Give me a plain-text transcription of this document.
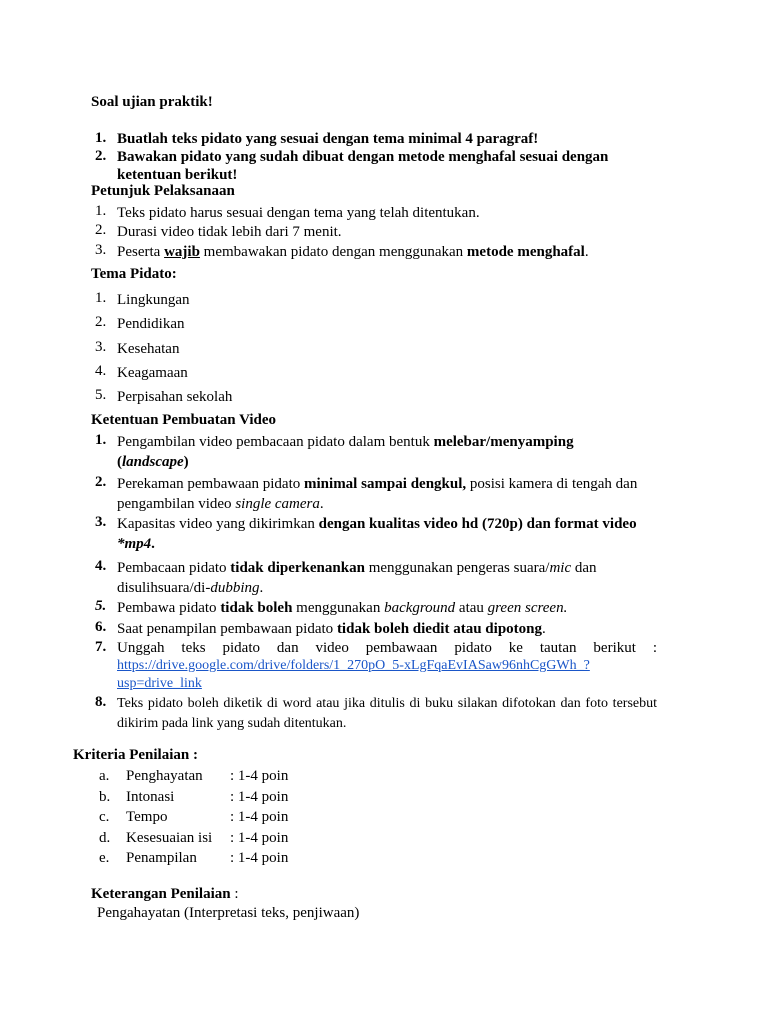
Soal ujian praktik!
1. Buatlah teks pidato yang sesuai dengan tema minimal 4 paragraf!
2. Bawakan pidato yang sudah dibuat dengan metode menghafal sesuai dengan ketentuan berikut!
Petunjuk Pelaksanaan
1. Teks pidato harus sesuai dengan tema yang telah ditentukan.
2. Durasi video tidak lebih dari 7 menit.
3. Peserta wajib membawakan pidato dengan menggunakan metode menghafal.
Tema Pidato:
1. Lingkungan
2. Pendidikan
3. Kesehatan
4. Keagamaan
5. Perpisahan sekolah
Ketentuan Pembuatan Video
1. Pengambilan video pembacaan pidato dalam bentuk melebar/menyamping
(landscape)
2. Perekaman pembawaan pidato minimal sampai dengkul, posisi kamera di tengah dan pengambilan video single camera.
3. Kapasitas video yang dikirimkan dengan kualitas video hd (720p) dan format video
*mp4.
4. Pembacaan pidato tidak diperkenankan menggunakan pengeras suara/mic dan disulihsuara/di-dubbing.
5. Pembawa pidato tidak boleh menggunakan background atau green screen.
6. Saat penampilan pembawaan pidato tidak boleh diedit atau dipotong.
7. Unggah teks pidato dan video pembawaan pidato ke tautan berikut :
https://drive.google.com/drive/folders/1_270pO_5-xLgFqaEvIASaw96nhCgGWh_?
usp=drive_link
8. Teks pidato boleh diketik di word atau jika ditulis di buku silakan difotokan dan foto tersebut
dikirim pada link yang sudah ditentukan.
Kriteria Penilaian :
a. Penghayatan : 1-4 poin
b. Intonasi	: 1-4 poin
c. Tempo	: 1-4 poin
d. Kesesuaian isi : 1-4 poin
e. Penampilan : 1-4 poin
Keterangan Penilaian :
Pengahayatan (Interpretasi teks, penjiwaan)
